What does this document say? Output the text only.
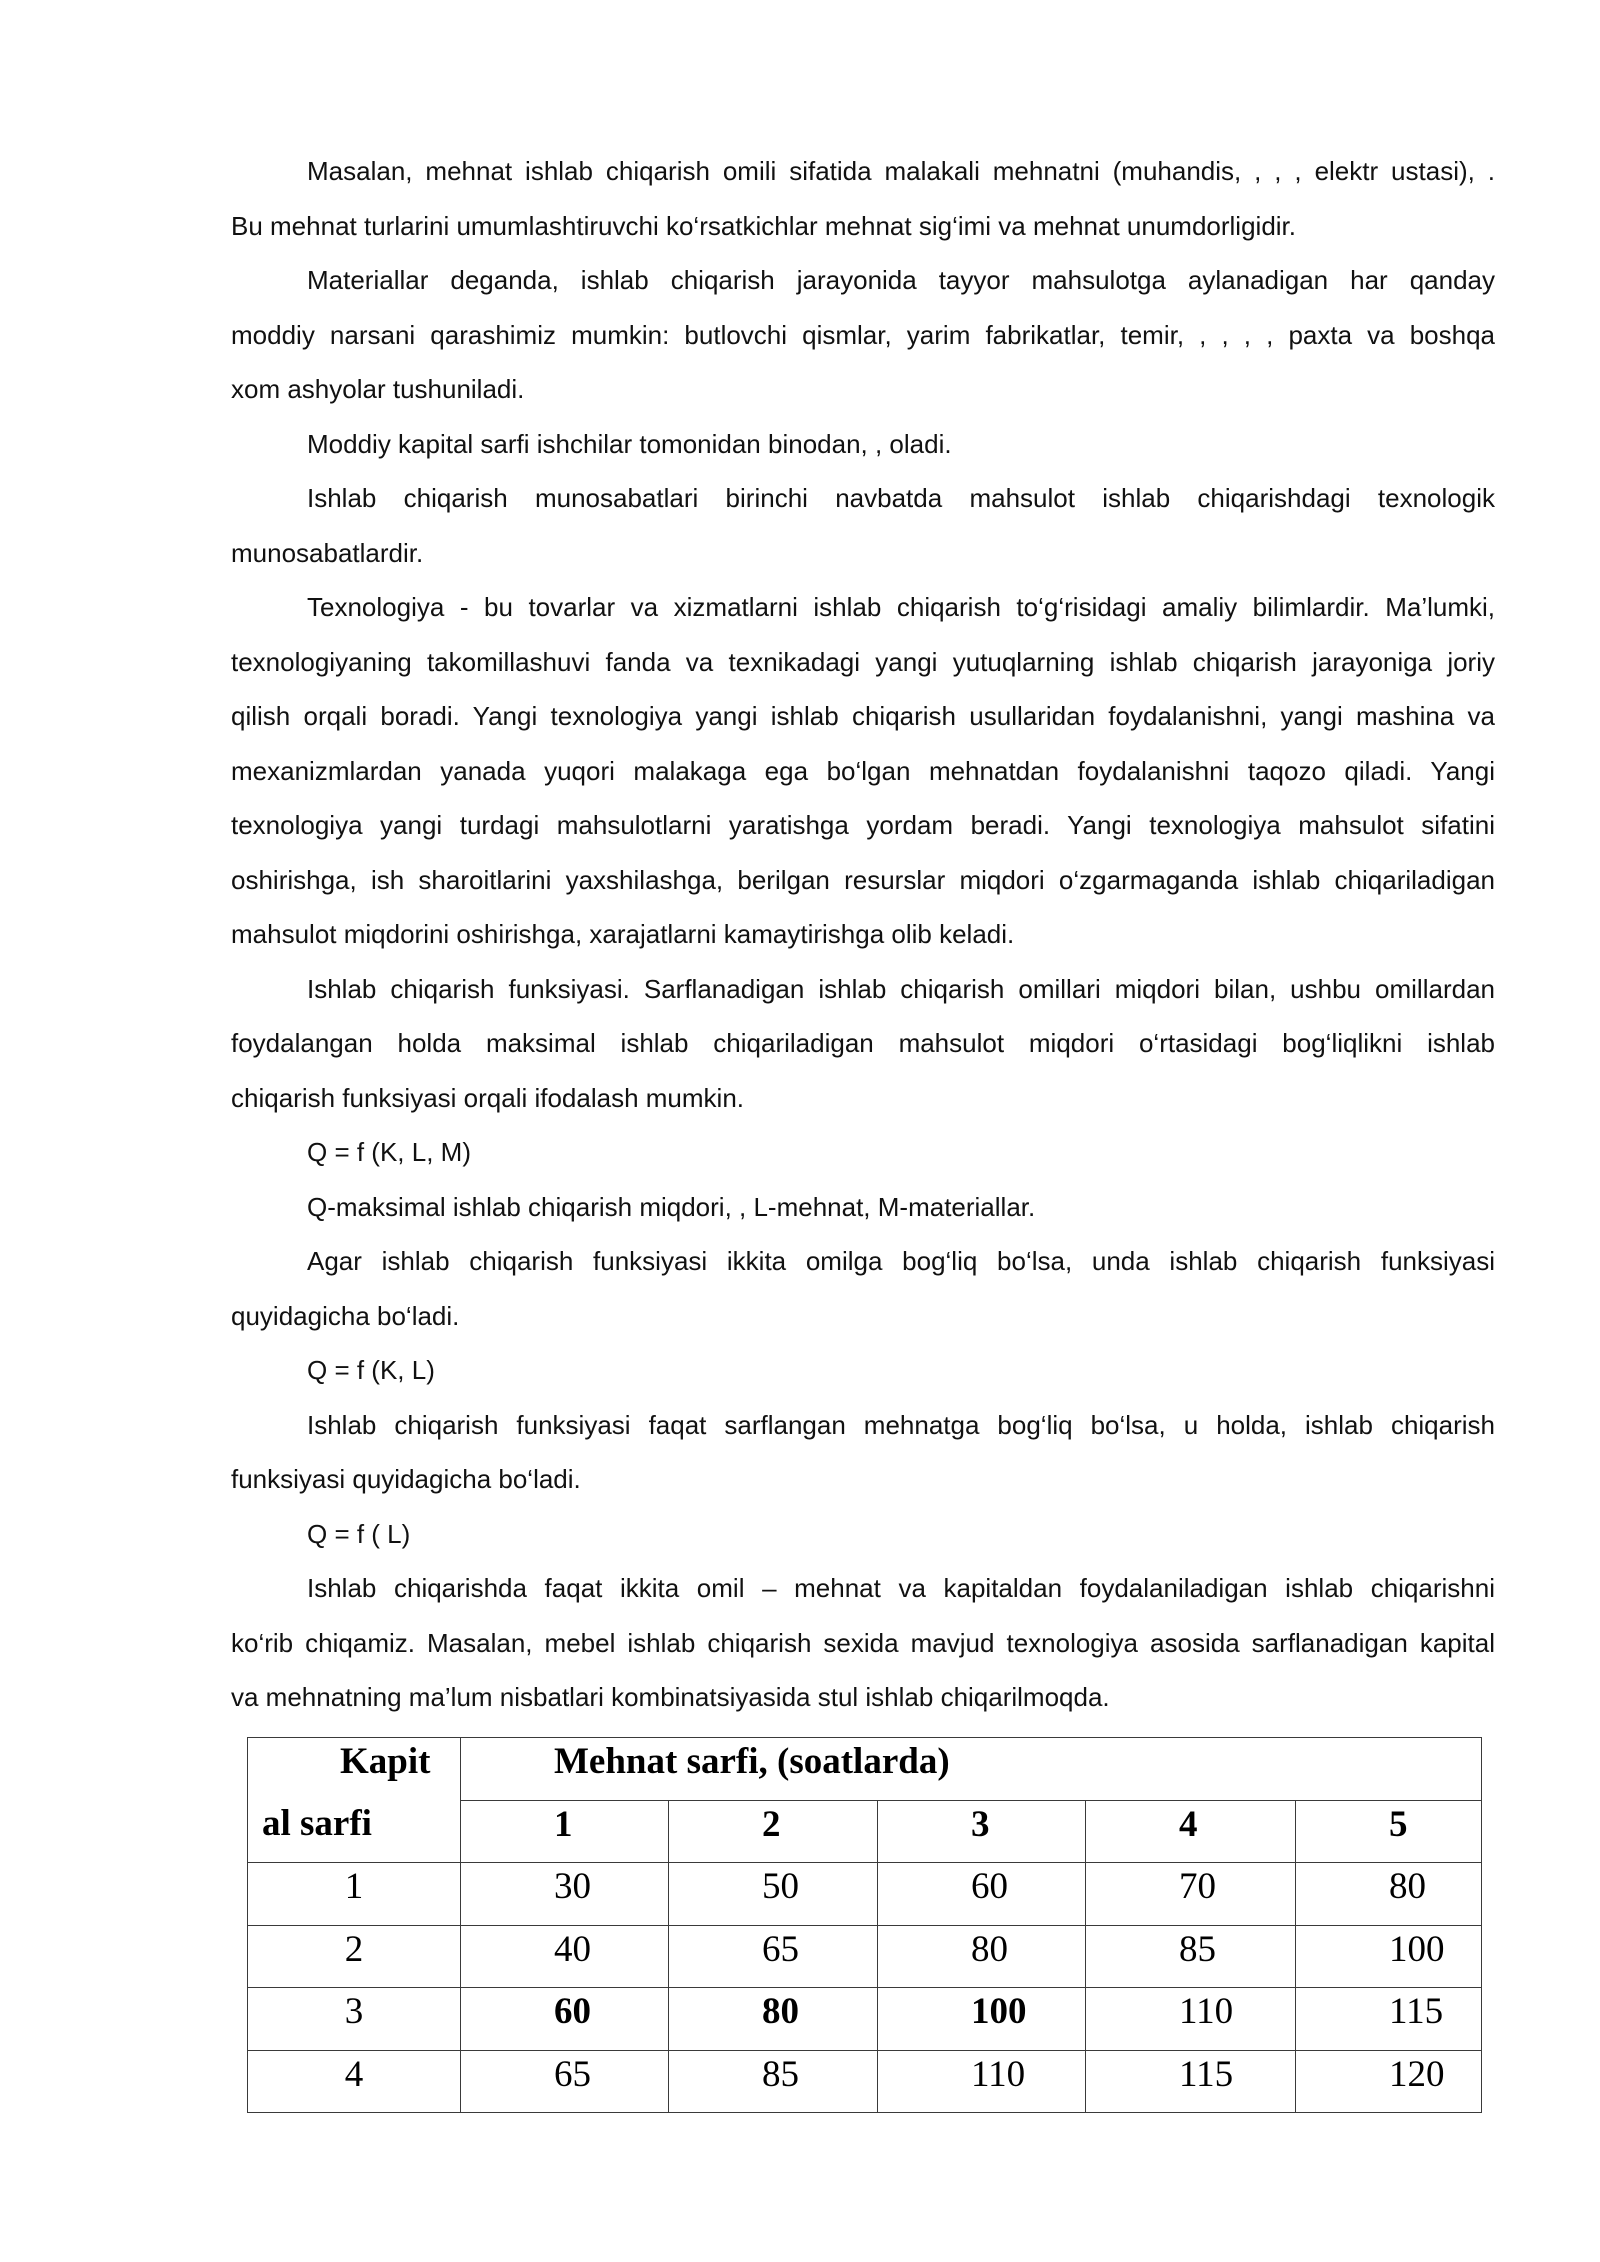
Masalan, mehnat ishlab chiqarish omili sifatida malakali mehnatni (muhandis, , , , elektr ustasi), .
Bu mehnat turlarini umumlashtiruvchi ko‘rsatkichlar mehnat sig‘imi va mehnat unumdorligidir.
Materiallar deganda, ishlab chiqarish jarayonida tayyor mahsulotga aylanadigan har qanday
moddiy narsani qarashimiz mumkin: butlovchi qismlar, yarim fabrikatlar, temir, , , , , paxta va boshqa
xom ashyolar tushuniladi.
Moddiy kapital sarfi ishchilar tomonidan binodan, , oladi.
Ishlab chiqarish munosabatlari birinchi navbatda mahsulot ishlab chiqarishdagi texnologik
munosabatlardir.
Texnologiya - bu tovarlar va xizmatlarni ishlab chiqarish to‘g‘risidagi amaliy bilimlardir. Ma’lumki,
texnologiyaning takomillashuvi fanda va texnikadagi yangi yutuqlarning ishlab chiqarish jarayoniga joriy
qilish orqali boradi. Yangi texnologiya yangi ishlab chiqarish usullaridan foydalanishni, yangi mashina va
mexanizmlardan yanada yuqori malakaga ega bo‘lgan mehnatdan foydalanishni taqozo qiladi. Yangi
texnologiya yangi turdagi mahsulotlarni yaratishga yordam beradi. Yangi texnologiya mahsulot sifatini
oshirishga, ish sharoitlarini yaxshilashga, berilgan resurslar miqdori o‘zgarmaganda ishlab chiqariladigan
mahsulot miqdorini oshirishga, xarajatlarni kamaytirishga olib keladi.
Ishlab chiqarish funksiyasi. Sarflanadigan ishlab chiqarish omillari miqdori bilan, ushbu omillardan
foydalangan holda maksimal ishlab chiqariladigan mahsulot miqdori o‘rtasidagi bog‘liqlikni ishlab
chiqarish funksiyasi orqali ifodalash mumkin.
Q = f (K, L, M)
Q-maksimal ishlab chiqarish miqdori, , L-mehnat, M-materiallar.
Agar ishlab chiqarish funksiyasi ikkita omilga bog‘liq bo‘lsa, unda ishlab chiqarish funksiyasi
quyidagicha bo‘ladi.
Q = f (K, L)
Ishlab chiqarish funksiyasi faqat sarflangan mehnatga bog‘liq bo‘lsa, u holda, ishlab chiqarish
funksiyasi quyidagicha bo‘ladi.
Q = f ( L)
Ishlab chiqarishda faqat ikkita omil – mehnat va kapitaldan foydalaniladigan ishlab chiqarishni
ko‘rib chiqamiz. Masalan, mebel ishlab chiqarish sexida mavjud texnologiya asosida sarflanadigan kapital
va mehnatning ma’lum nisbatlari kombinatsiyasida stul ishlab chiqarilmoqda.
Kapit
al sarfi	Mehnat sarfi, (soatlarda)				
	1	2	3	4	5
1	30	50	60	70	80
2	40	65	80	85	100
3	60	80	100	110	115
4	65	85	110	115	120
